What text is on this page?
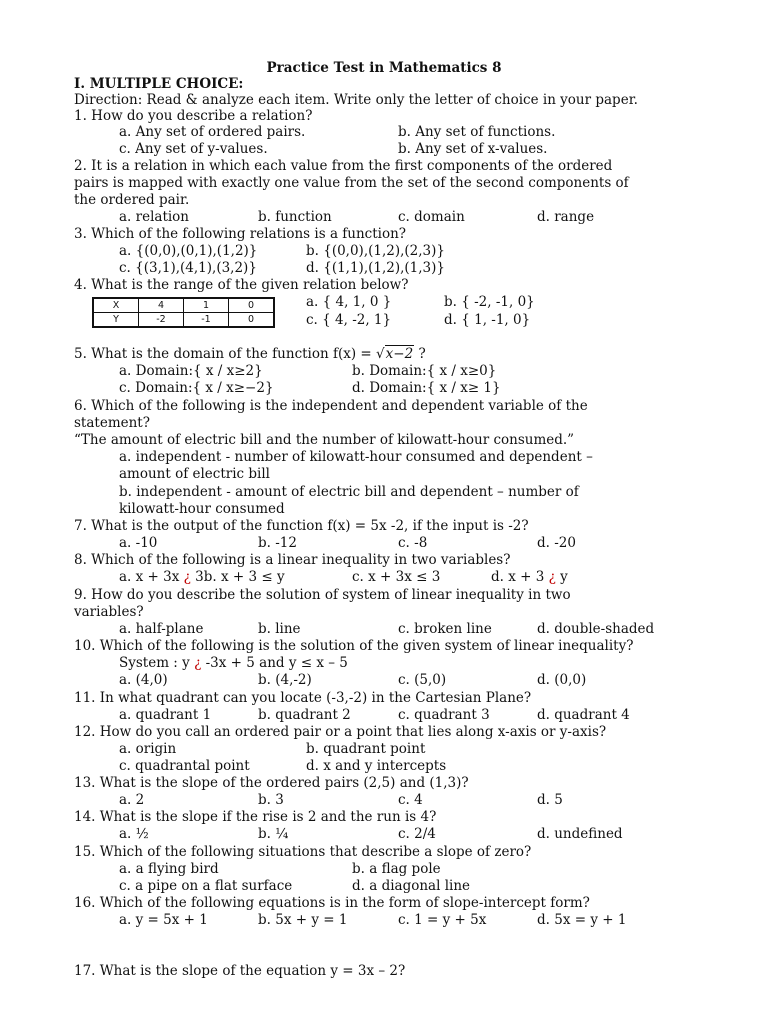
Practice Test in Mathematics 8
I. MULTIPLE CHOICE:
Direction: Read & analyze each item. Write only the letter of choice in your paper.
1. How do you describe a relation?
a. Any set of ordered pairs.	b. Any set of functions.
c. Any set of y-values.	b. Any set of x-values.
2. It is a relation in which each value from the first components of the ordered
pairs is mapped with exactly one value from the set of the second components of
the ordered pair.
a. relation	b. function	c. domain	d. range
3. Which of the following relations is a function?
a. {(0,0),(0,1),(1,2)}	b. {(0,0),(1,2),(2,3)}
c. {(3,1),(4,1),(3,2)}	d. {(1,1),(1,2),(1,3)}
4. What is the range of the given relation below?
X	4	1	0
Y	-2	-1	0
a. { 4, 1, 0 }	b. { -2, -1, 0}
c. { 4, -2, 1}	d. { 1, -1, 0}
5. What is the domain of the function f(x) = √x−2 ?
a. Domain:{ x / x≥2}	b. Domain:{ x / x≥0}
c. Domain:{ x / x≥−2}	d. Domain:{ x / x≥ 1}
6. Which of the following is the independent and dependent variable of the
statement?
“The amount of electric bill and the number of kilowatt-hour consumed.”
a. independent - number of kilowatt-hour consumed and dependent –
amount of electric bill
b. independent - amount of electric bill and dependent – number of
kilowatt-hour consumed
7. What is the output of the function f(x) = 5x -2, if the input is -2?
a. -10	b. -12	c. -8	d. -20
8. Which of the following is a linear inequality in two variables?
a. x + 3x ¿ 3b. x + 3 ≤ y	c. x + 3x ≤ 3	d. x + 3 ¿ y
9. How do you describe the solution of system of linear inequality in two
variables?
a. half-plane	b. line	c. broken line	d. double-shaded
10. Which of the following is the solution of the given system of linear inequality?
System : y ¿ -3x + 5 and y ≤ x – 5
a. (4,0)	b. (4,-2)	c. (5,0)	d. (0,0)
11. In what quadrant can you locate (-3,-2) in the Cartesian Plane?
a. quadrant 1	b. quadrant 2	c. quadrant 3	d. quadrant 4
12. How do you call an ordered pair or a point that lies along x-axis or y-axis?
a. origin	b. quadrant point
c. quadrantal point	d. x and y intercepts
13. What is the slope of the ordered pairs (2,5) and (1,3)?
a. 2	b. 3	c. 4	d. 5
14. What is the slope if the rise is 2 and the run is 4?
a. ½	b. ¼	c. 2/4	d. undefined
15. Which of the following situations that describe a slope of zero?
a. a flying bird	b. a flag pole
c. a pipe on a flat surface	d. a diagonal line
16. Which of the following equations is in the form of slope-intercept form?
a. y = 5x + 1	b. 5x + y = 1	c. 1 = y + 5x	d. 5x = y + 1
17. What is the slope of the equation y = 3x – 2?
